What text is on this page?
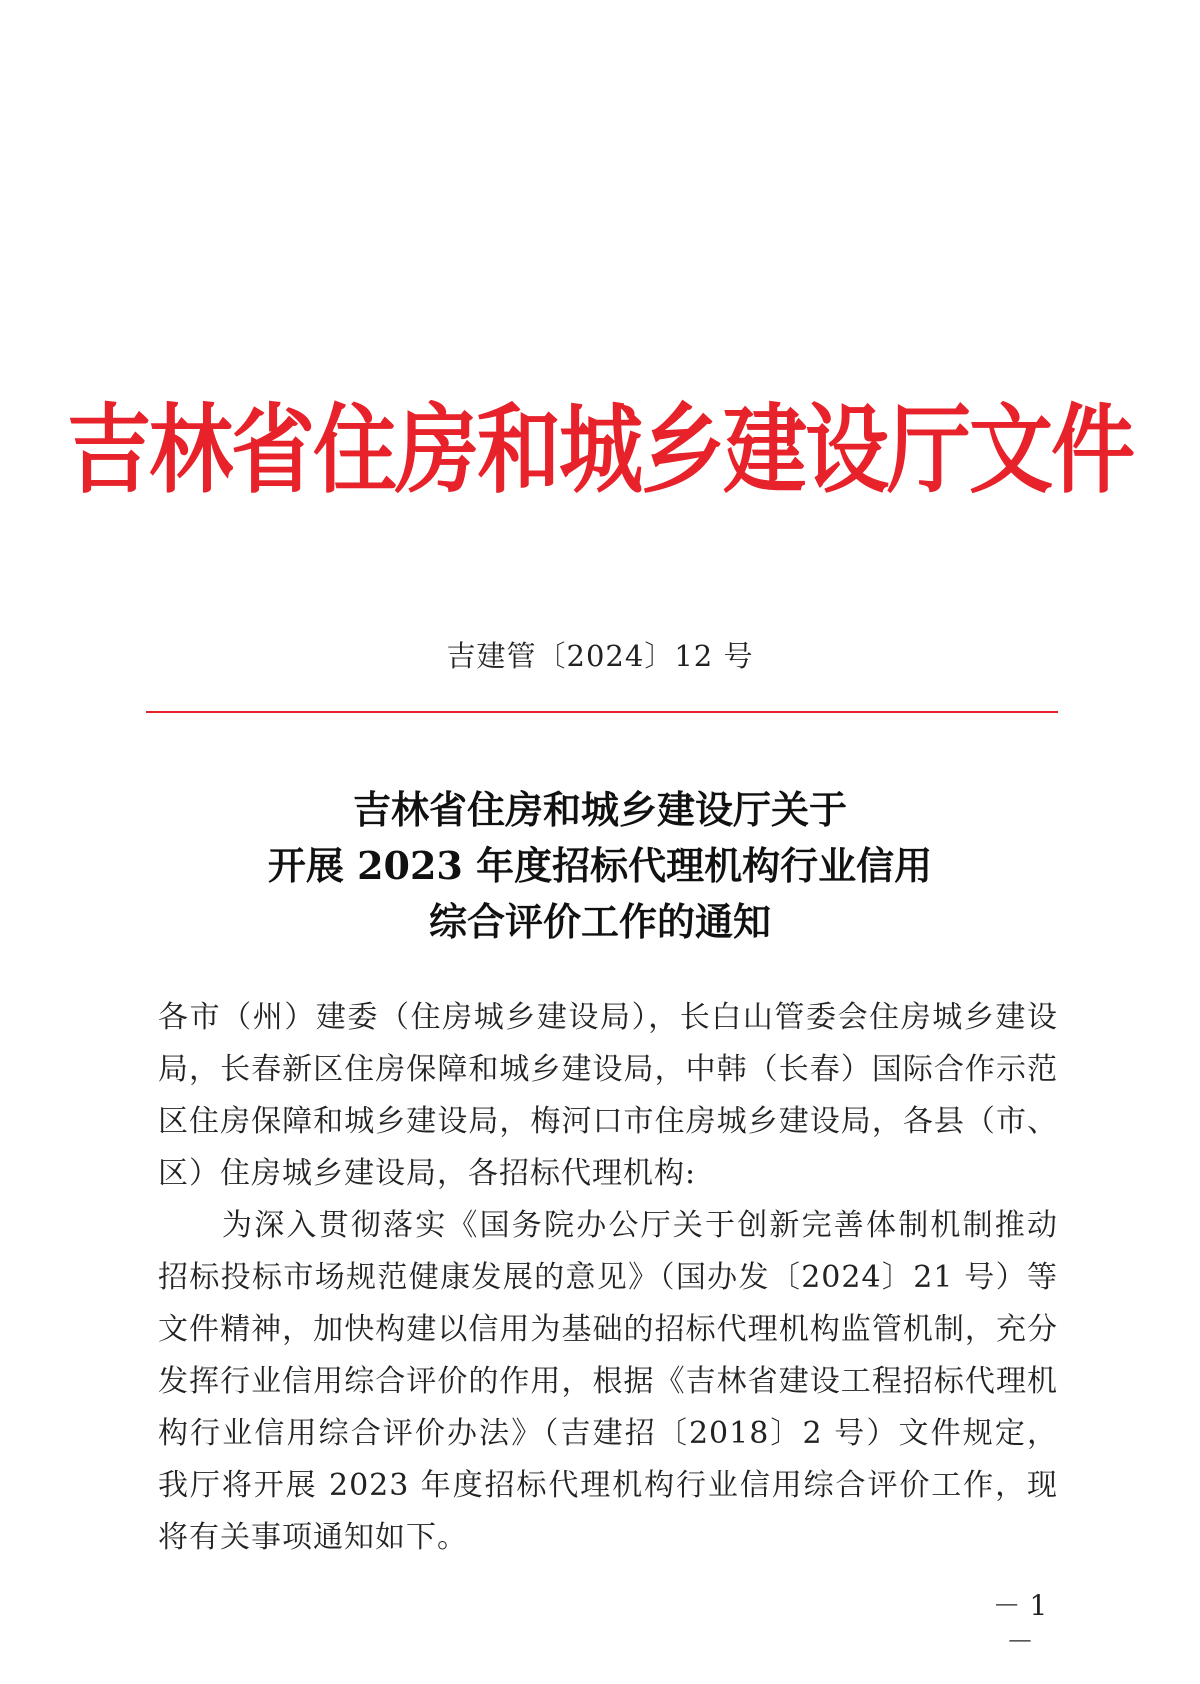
吉林省住房和城乡建设厅文件
吉建管〔2024〕12 号
吉林省住房和城乡建设厅关于
开展 2023 年度招标代理机构行业信用
综合评价工作的通知

各市（州）建委（住房城乡建设局），长白山管委会住房城乡建设局，长春新区住房保障和城乡建设局，中韩（长春）国际合作示范区住房保障和城乡建设局，梅河口市住房城乡建设局，各县（市、区）住房城乡建设局，各招标代理机构:

为深入贯彻落实《国务院办公厅关于创新完善体制机制推动招标投标市场规范健康发展的意见》（国办发〔2024〕21 号）等文件精神，加快构建以信用为基础的招标代理机构监管机制，充分发挥行业信用综合评价的作用，根据《吉林省建设工程招标代理机构行业信用综合评价办法》（吉建招〔2018〕2 号）文件规定，我厅将开展 2023 年度招标代理机构行业信用综合评价工作，现将有关事项通知如下。

－ 1 －
